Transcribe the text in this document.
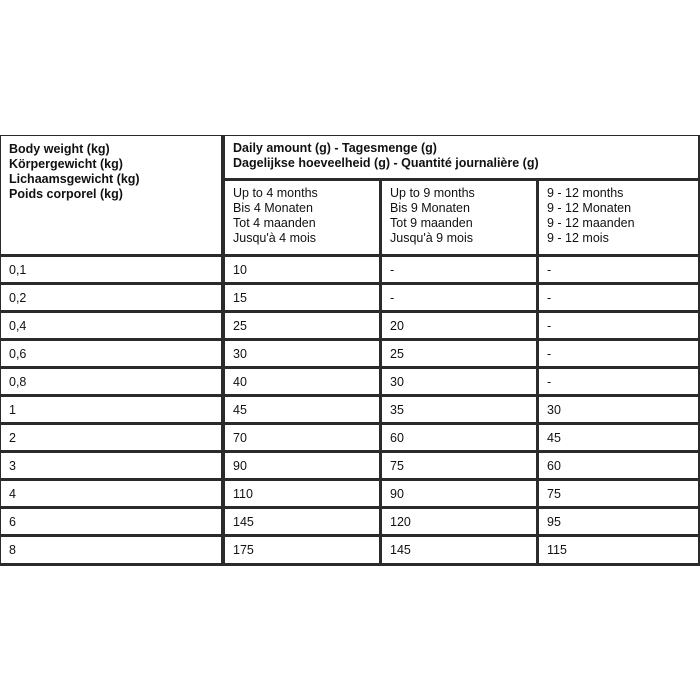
Body weight (kg)
Körpergewicht (kg)
Lichaamsgewicht (kg)
Poids corporel (kg)	Daily amount (g) - Tagesmenge (g)
Dagelijkse hoeveelheid (g) - Quantité journalière (g)		

	Up to 4 months
Bis 4 Monaten
Tot 4 maanden
Jusqu'à 4 mois	Up to 9 months
Bis 9 Monaten
Tot 9 maanden
Jusqu'à 9 mois	9 - 12 months
9 - 12 Monaten
9 - 12 maanden
9 - 12 mois

0,1	10	-	-
0,2	15	-	-
0,4	25	20	-
0,6	30	25	-
0,8	40	30	-
1	45	35	30
2	70	60	45
3	90	75	60
4	110	90	75
6	145	120	95
8	175	145	115
